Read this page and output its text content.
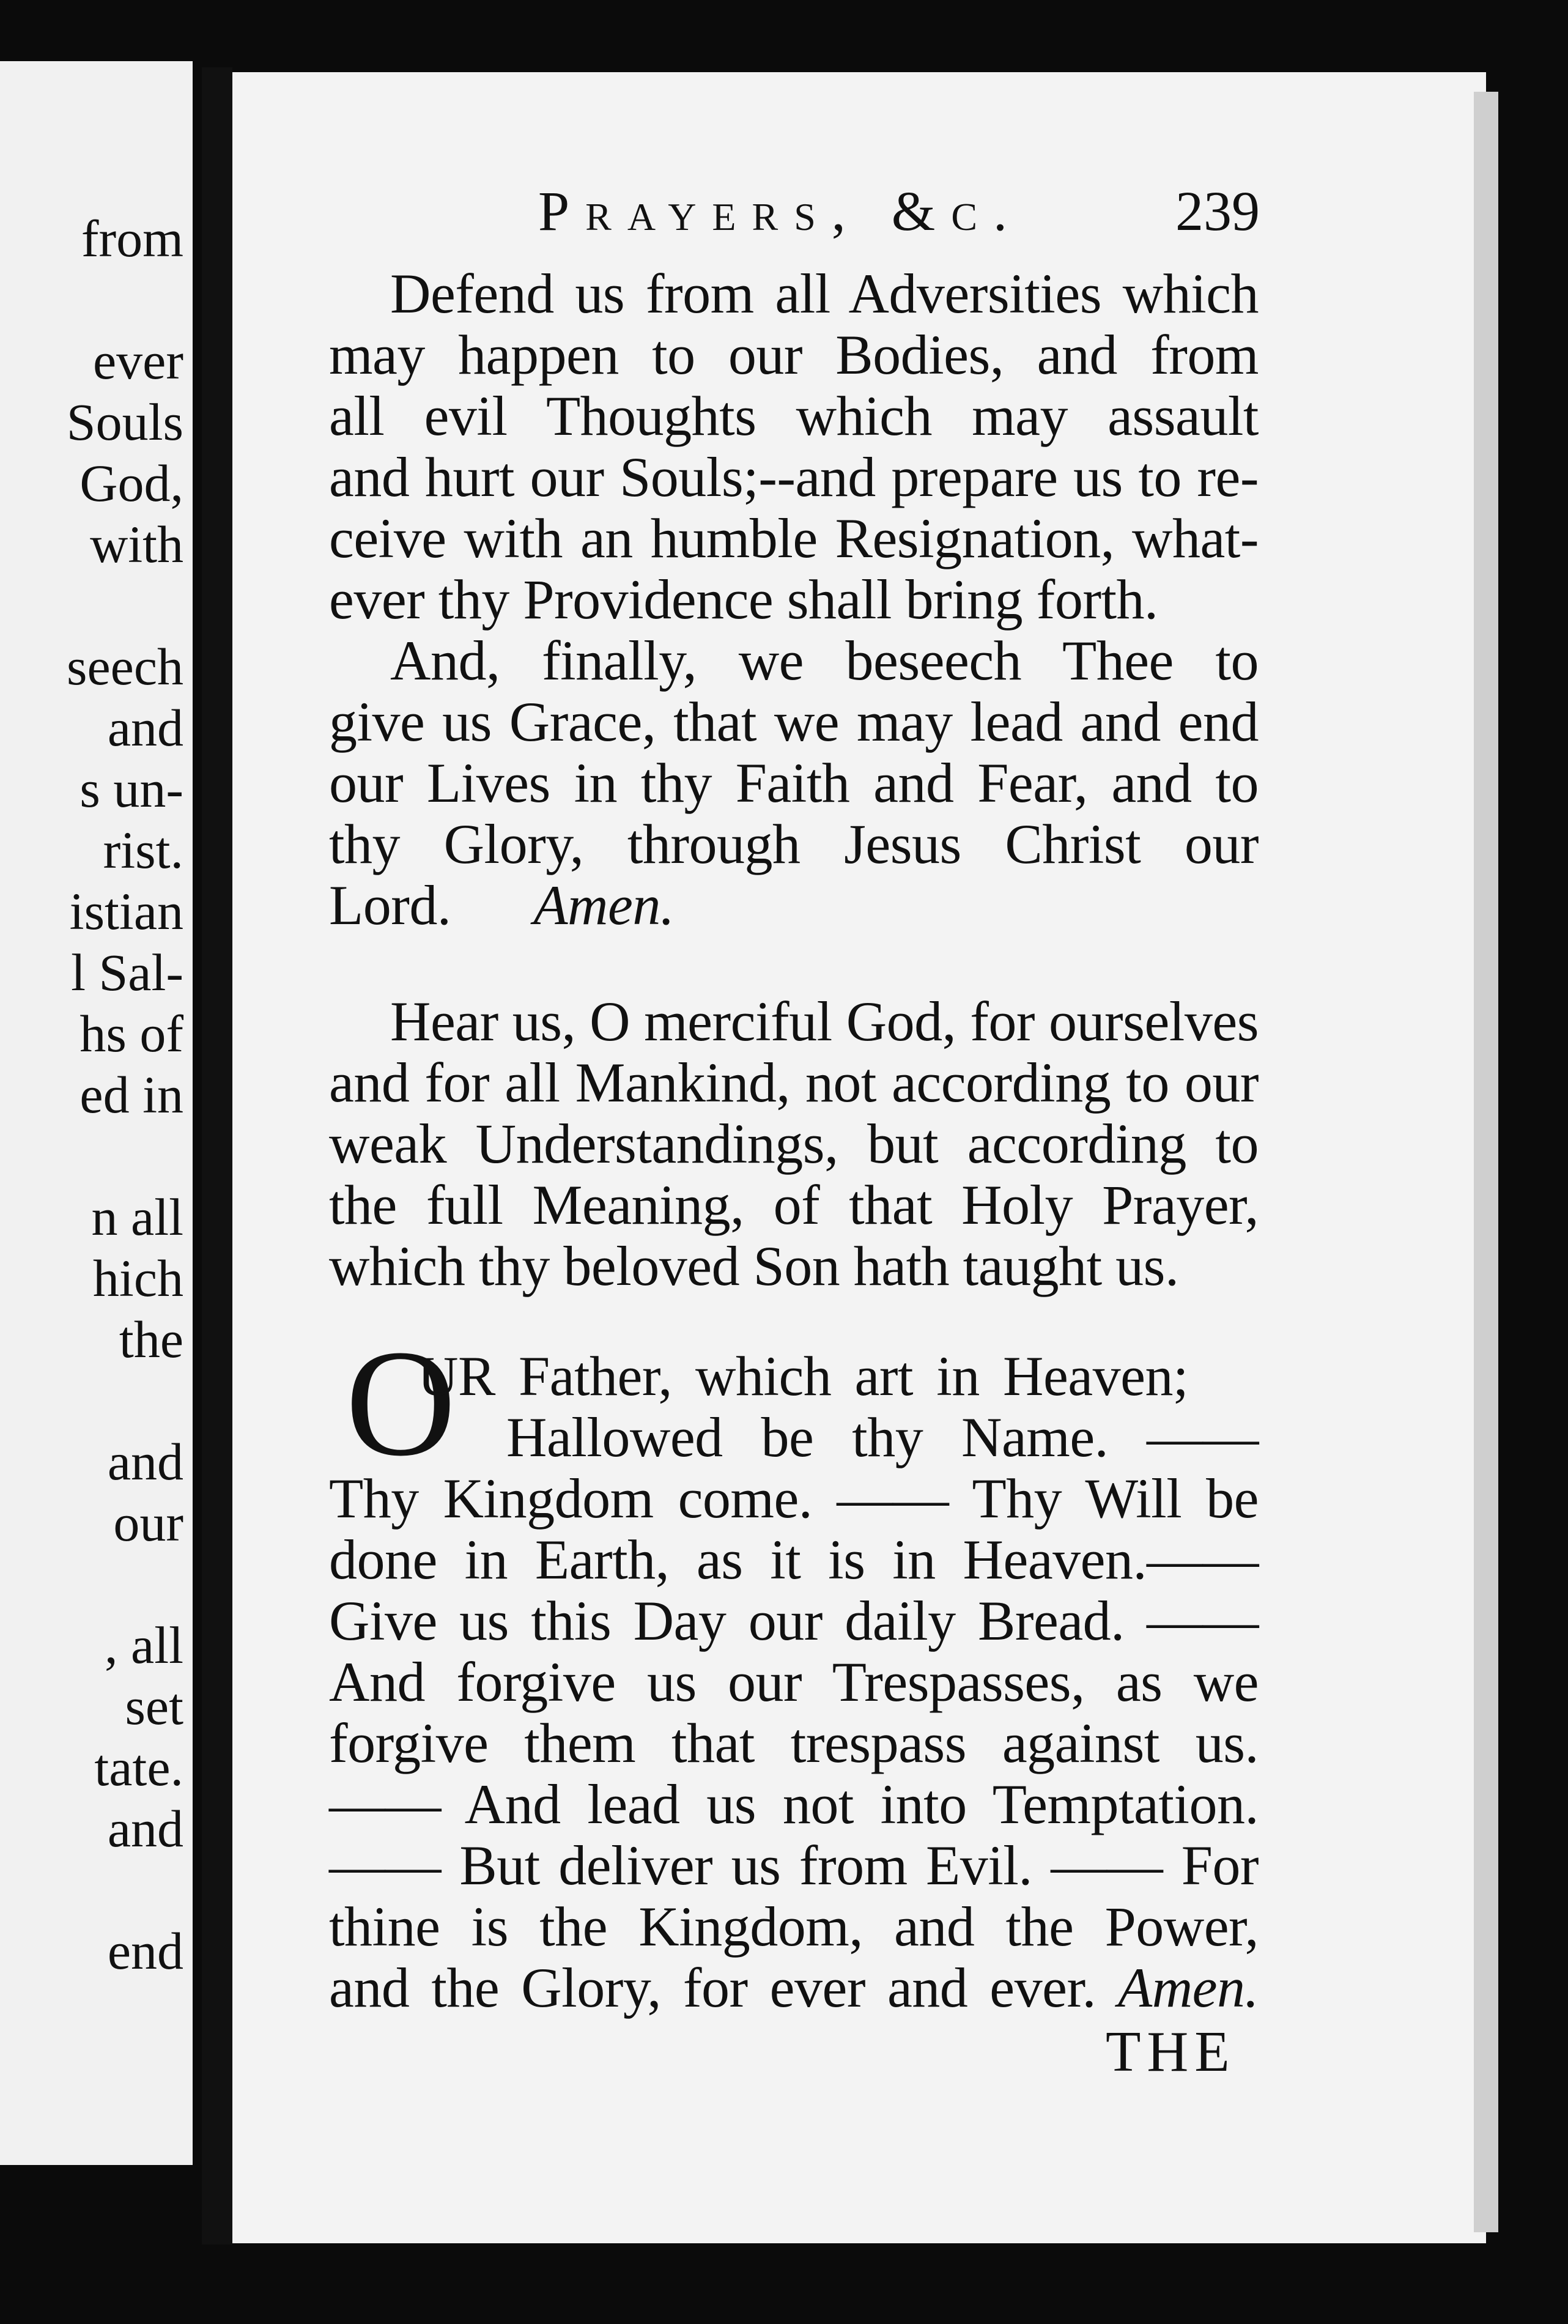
from
ever
Souls
God,
with
seech
and
s un-
rist.
istian
l Sal-
hs of
ed in
n all
hich
the
and
our
, all
set
tate.
and
end
Prayers, &c.	239
Defend us from all Adversities which
may happen to our Bodies, and from
all evil Thoughts which may assault
and hurt our Souls;--and prepare us to re-
ceive with an humble Resignation, what-
ever thy Providence shall bring forth.
And, finally, we beseech Thee to
give us Grace, that we may lead and end
our Lives in thy Faith and Fear, and to
thy Glory, through Jesus Christ our
Lord. Amen.
Hear us, O merciful God, for ourselves
and for all Mankind, not according to our
weak Understandings, but according to
the full Meaning, of that Holy Prayer,
which thy beloved Son hath taught us.
O
UR Father, which art in Heaven;
Hallowed be thy Name. ——
Thy Kingdom come. —— Thy Will be
done in Earth, as it is in Heaven.——
Give us this Day our daily Bread. ——
And forgive us our Trespasses, as we
forgive them that trespass against us.
—— And lead us not into Temptation.
—— But deliver us from Evil. —— For
thine is the Kingdom, and the Power,
and the Glory, for ever and ever. Amen.
THE
